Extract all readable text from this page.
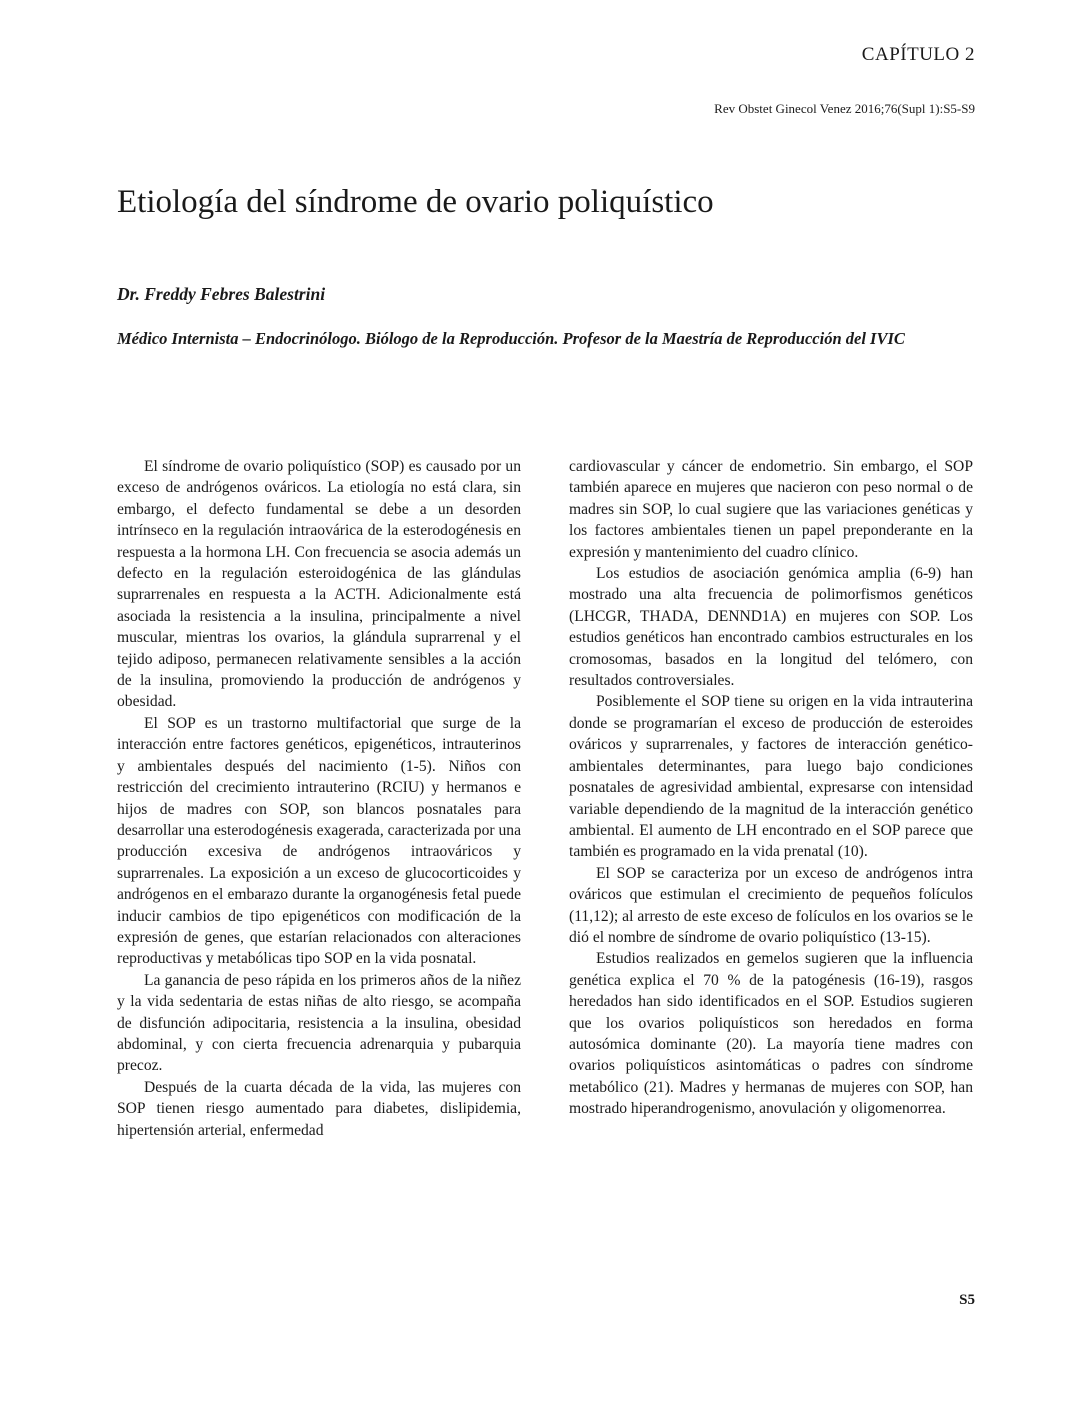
CAPÍTULO 2
Rev Obstet Ginecol Venez 2016;76(Supl 1):S5-S9
Etiología del síndrome de ovario poliquístico
Dr. Freddy Febres Balestrini
Médico Internista – Endocrinólogo. Biólogo de la Reproducción. Profesor de la Maestría de Reproducción del IVIC

El síndrome de ovario poliquístico (SOP) es causado por un exceso de andrógenos ováricos. La etiología no está clara, sin embargo, el defecto fundamental se debe a un desorden intrínseco en la regulación intraovárica de la esterodogénesis en respuesta a la hormona LH. Con frecuencia se asocia además un defecto en la regulación esteroidogénica de las glándulas suprarrenales en respuesta a la ACTH. Adicionalmente está asociada la resistencia a la insulina, principalmente a nivel muscular, mientras los ovarios, la glándula suprarrenal y el tejido adiposo, permanecen relativamente sensibles a la acción de la insulina, promoviendo la producción de andrógenos y obesidad.

El SOP es un trastorno multifactorial que surge de la interacción entre factores genéticos, epigenéticos, intrauterinos y ambientales después del nacimiento (1-5). Niños con restricción del crecimiento intrauterino (RCIU) y hermanos e hijos de madres con SOP, son blancos posnatales para desarrollar una esterodogénesis exagerada, caracterizada por una producción excesiva de andrógenos intraováricos y suprarrenales. La exposición a un exceso de glucocorticoides y andrógenos en el embarazo durante la organogénesis fetal puede inducir cambios de tipo epigenéticos con modificación de la expresión de genes, que estarían relacionados con alteraciones reproductivas y metabólicas tipo SOP en la vida posnatal.

La ganancia de peso rápida en los primeros años de la niñez y la vida sedentaria de estas niñas de alto riesgo, se acompaña de disfunción adipocitaria, resistencia a la insulina, obesidad abdominal, y con cierta frecuencia adrenarquia y pubarquia precoz.

Después de la cuarta década de la vida, las mujeres con SOP tienen riesgo aumentado para diabetes, dislipidemia, hipertensión arterial, enfermedad

cardiovascular y cáncer de endometrio. Sin embargo, el SOP también aparece en mujeres que nacieron con peso normal o de madres sin SOP, lo cual sugiere que las variaciones genéticas y los factores ambientales tienen un papel preponderante en la expresión y mantenimiento del cuadro clínico.

Los estudios de asociación genómica amplia (6-9) han mostrado una alta frecuencia de polimorfismos genéticos (LHCGR, THADA, DENND1A) en mujeres con SOP. Los estudios genéticos han encontrado cambios estructurales en los cromosomas, basados en la longitud del telómero, con resultados controversiales.

Posiblemente el SOP tiene su origen en la vida intrauterina donde se programarían el exceso de producción de esteroides ováricos y suprarrenales, y factores de interacción genético-ambientales determinantes, para luego bajo condiciones posnatales de agresividad ambiental, expresarse con intensidad variable dependiendo de la magnitud de la interacción genético ambiental. El aumento de LH encontrado en el SOP parece que también es programado en la vida prenatal (10).

El SOP se caracteriza por un exceso de andrógenos intra ováricos que estimulan el crecimiento de pequeños folículos (11,12); al arresto de este exceso de folículos en los ovarios se le dió el nombre de síndrome de ovario poliquístico (13-15).

Estudios realizados en gemelos sugieren que la influencia genética explica el 70 % de la patogénesis (16-19), rasgos heredados han sido identificados en el SOP. Estudios sugieren que los ovarios poliquísticos son heredados en forma autosómica dominante (20). La mayoría tiene madres con ovarios poliquísticos asintomáticas o padres con síndrome metabólico (21). Madres y hermanas de mujeres con SOP, han mostrado hiperandrogenismo, anovulación y oligomenorrea.

S5
